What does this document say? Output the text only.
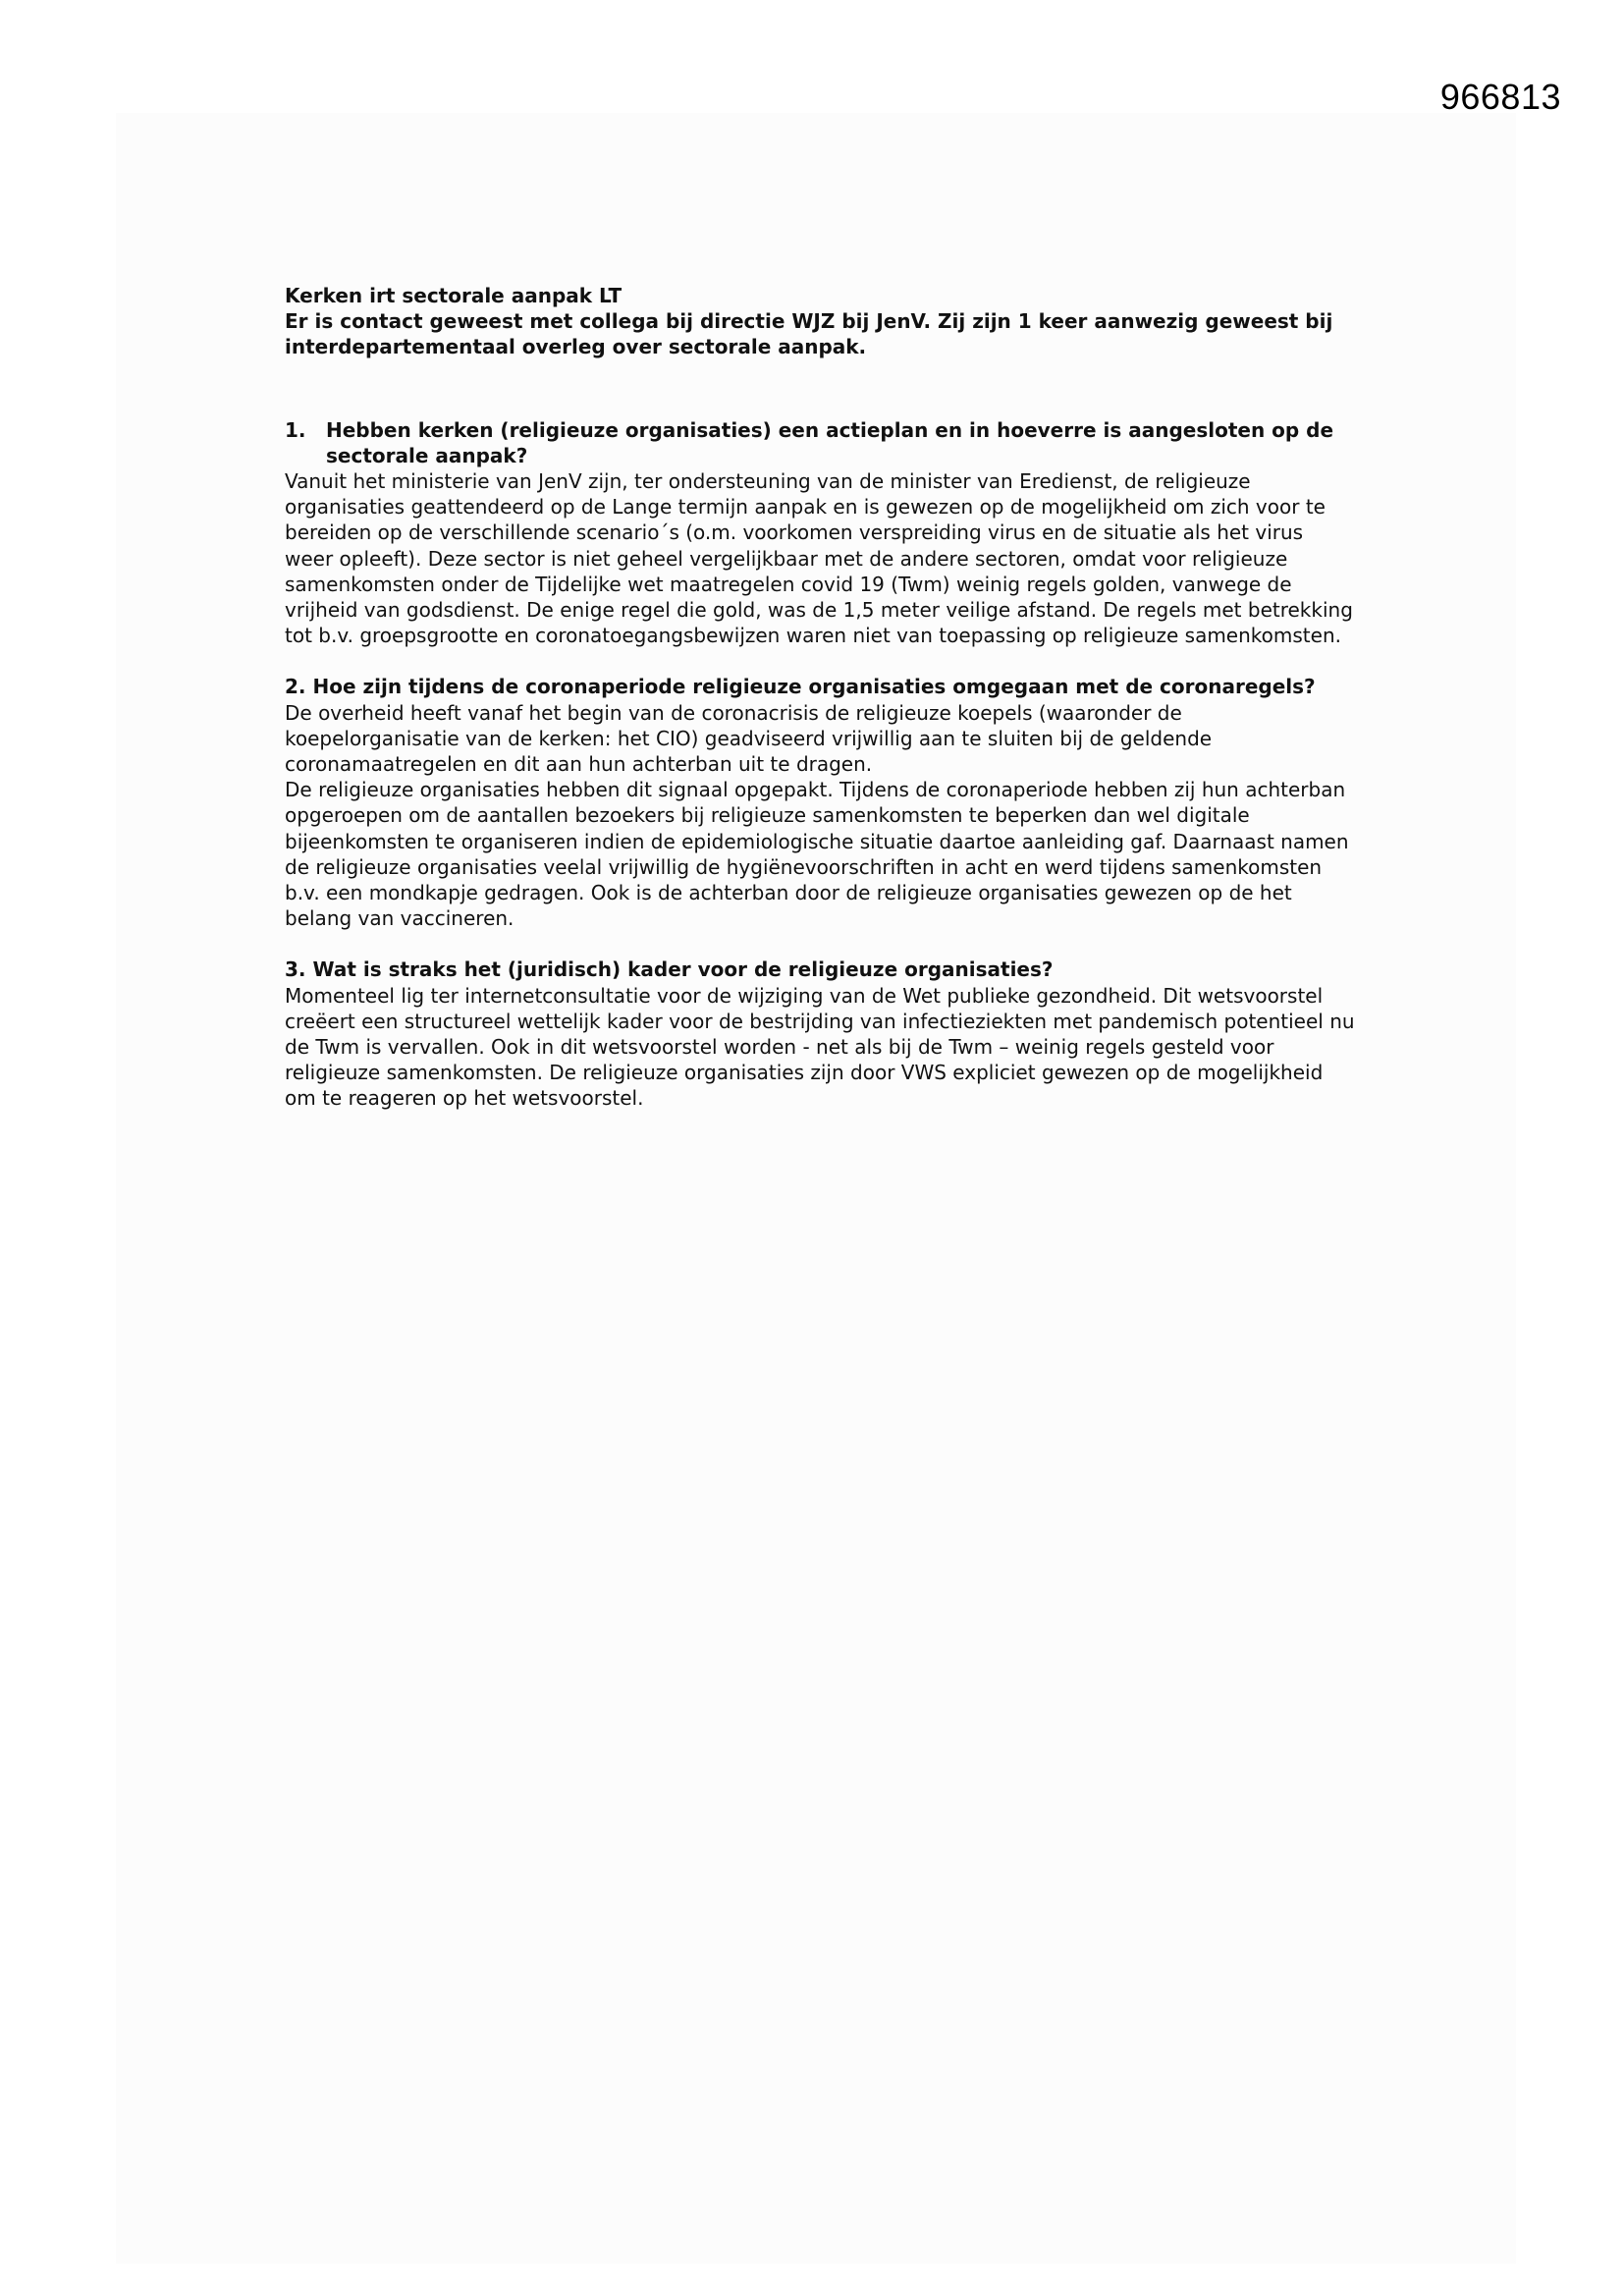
966813

Kerken irt sectorale aanpak LT

Er is contact geweest met collega bij directie WJZ bij JenV. Zij zijn 1 keer aanwezig geweest bij interdepartementaal overleg over sectorale aanpak.

1.	Hebben kerken (religieuze organisaties) een actieplan en in hoeverre is aangesloten op de sectorale aanpak?

Vanuit het ministerie van JenV zijn, ter ondersteuning van de minister van Eredienst, de religieuze organisaties geattendeerd op de Lange termijn aanpak en is gewezen op de mogelijkheid om zich voor te bereiden op de verschillende scenario´s (o.m. voorkomen verspreiding virus en de situatie als het virus weer opleeft). Deze sector is niet geheel vergelijkbaar met de andere sectoren, omdat voor religieuze samenkomsten onder de Tijdelijke wet maatregelen covid 19 (Twm) weinig regels golden, vanwege de vrijheid van godsdienst. De enige regel die gold, was de 1,5 meter veilige afstand. De regels met betrekking tot b.v. groepsgrootte en coronatoegangsbewijzen waren niet van toepassing op religieuze samenkomsten.

2. Hoe zijn tijdens de coronaperiode religieuze organisaties omgegaan met de coronaregels?

De overheid heeft vanaf het begin van de coronacrisis de religieuze koepels (waaronder de koepelorganisatie van de kerken: het CIO) geadviseerd vrijwillig aan te sluiten bij de geldende coronamaatregelen en dit aan hun achterban uit te dragen.

De religieuze organisaties hebben dit signaal opgepakt. Tijdens de coronaperiode hebben zij hun achterban opgeroepen om de aantallen bezoekers bij religieuze samenkomsten te beperken dan wel digitale bijeenkomsten te organiseren indien de epidemiologische situatie daartoe aanleiding gaf. Daarnaast namen de religieuze organisaties veelal vrijwillig de hygiënevoorschriften in acht en werd tijdens samenkomsten b.v. een mondkapje gedragen. Ook is de achterban door de religieuze organisaties gewezen op de het belang van vaccineren.

3. Wat is straks het (juridisch) kader voor de religieuze organisaties?

Momenteel lig ter internetconsultatie voor de wijziging van de Wet publieke gezondheid. Dit wetsvoorstel creëert een structureel wettelijk kader voor de bestrijding van infectieziekten met pandemisch potentieel nu de Twm is vervallen. Ook in dit wetsvoorstel worden - net als bij de Twm – weinig regels gesteld voor religieuze samenkomsten. De religieuze organisaties zijn door VWS expliciet gewezen op de mogelijkheid om te reageren op het wetsvoorstel.
